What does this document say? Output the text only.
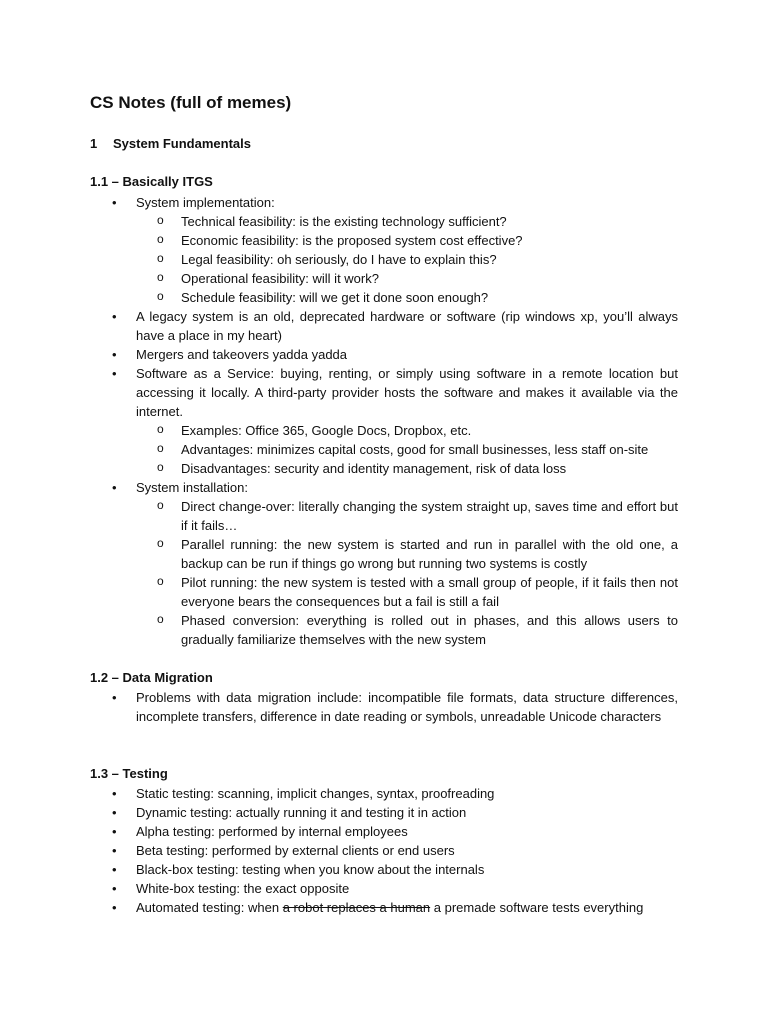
CS Notes (full of memes)
1 System Fundamentals
1.1 – Basically ITGS
• System implementation:
o Technical feasibility: is the existing technology sufficient?
o Economic feasibility: is the proposed system cost effective?
o Legal feasibility: oh seriously, do I have to explain this?
o Operational feasibility: will it work?
o Schedule feasibility: will we get it done soon enough?
• A legacy system is an old, deprecated hardware or software (rip windows xp, you’ll always have a place in my heart)
• Mergers and takeovers yadda yadda
• Software as a Service: buying, renting, or simply using software in a remote location but accessing it locally. A third-party provider hosts the software and makes it available via the internet.
o Examples: Office 365, Google Docs, Dropbox, etc.
o Advantages: minimizes capital costs, good for small businesses, less staff on-site
o Disadvantages: security and identity management, risk of data loss
• System installation:
o Direct change-over: literally changing the system straight up, saves time and effort but if it fails…
o Parallel running: the new system is started and run in parallel with the old one, a backup can be run if things go wrong but running two systems is costly
o Pilot running: the new system is tested with a small group of people, if it fails then not everyone bears the consequences but a fail is still a fail
o Phased conversion: everything is rolled out in phases, and this allows users to gradually familiarize themselves with the new system
1.2 – Data Migration
• Problems with data migration include: incompatible file formats, data structure differences, incomplete transfers, difference in date reading or symbols, unreadable Unicode characters
1.3 – Testing
• Static testing: scanning, implicit changes, syntax, proofreading
• Dynamic testing: actually running it and testing it in action
• Alpha testing: performed by internal employees
• Beta testing: performed by external clients or end users
• Black-box testing: testing when you know about the internals
• White-box testing: the exact opposite
• Automated testing: when a robot replaces a human a premade software tests everything
